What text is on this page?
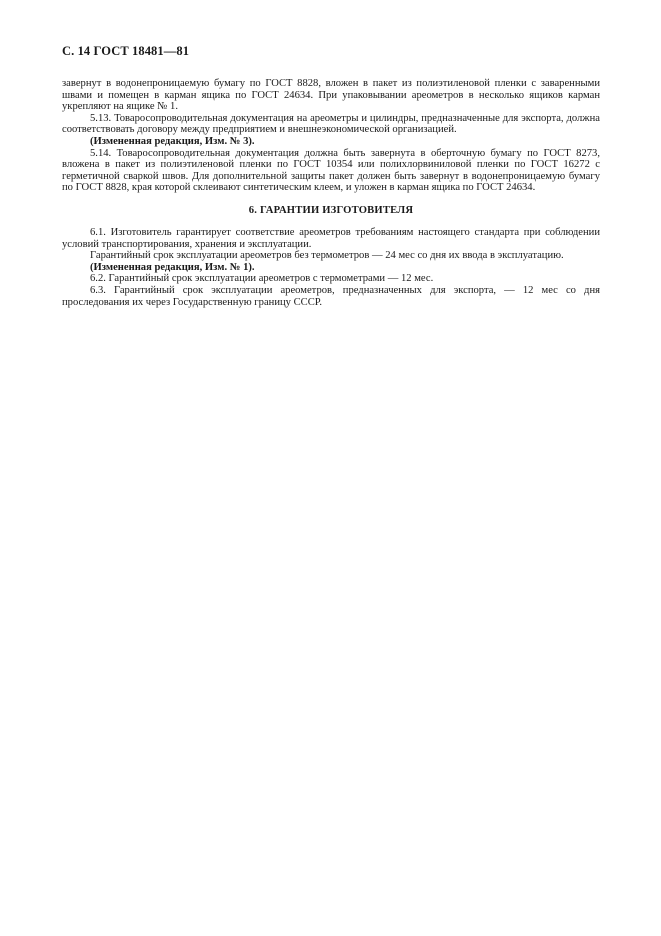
С. 14 ГОСТ 18481—81

завернут в водонепроницаемую бумагу по ГОСТ 8828, вложен в пакет из полиэтиленовой пленки с заваренными швами и помещен в карман ящика по ГОСТ 24634. При упаковывании ареометров в несколько ящиков карман укрепляют на ящике № 1.

5.13. Товаросопроводительная документация на ареометры и цилиндры, предназначенные для экспорта, должна соответствовать договору между предприятием и внешнеэкономической организацией.

(Измененная редакция, Изм. № 3).

5.14. Товаросопроводительная документация должна быть завернута в оберточную бумагу по ГОСТ 8273, вложена в пакет из полиэтиленовой пленки по ГОСТ 10354 или полихлорвиниловой пленки по ГОСТ 16272 с герметичной сваркой швов. Для дополнительной защиты пакет должен быть завернут в водонепроницаемую бумагу по ГОСТ 8828, края которой склеивают синтетическим клеем, и уложен в карман ящика по ГОСТ 24634.

6. ГАРАНТИИ ИЗГОТОВИТЕЛЯ

6.1. Изготовитель гарантирует соответствие ареометров требованиям настоящего стандарта при соблюдении условий транспортирования, хранения и эксплуатации.

Гарантийный срок эксплуатации ареометров без термометров — 24 мес со дня их ввода в эксплуатацию.

(Измененная редакция, Изм. № 1).

6.2. Гарантийный срок эксплуатации ареометров с термометрами — 12 мес.

6.3. Гарантийный срок эксплуатации ареометров, предназначенных для экспорта, — 12 мес со дня проследования их через Государственную границу СССР.
